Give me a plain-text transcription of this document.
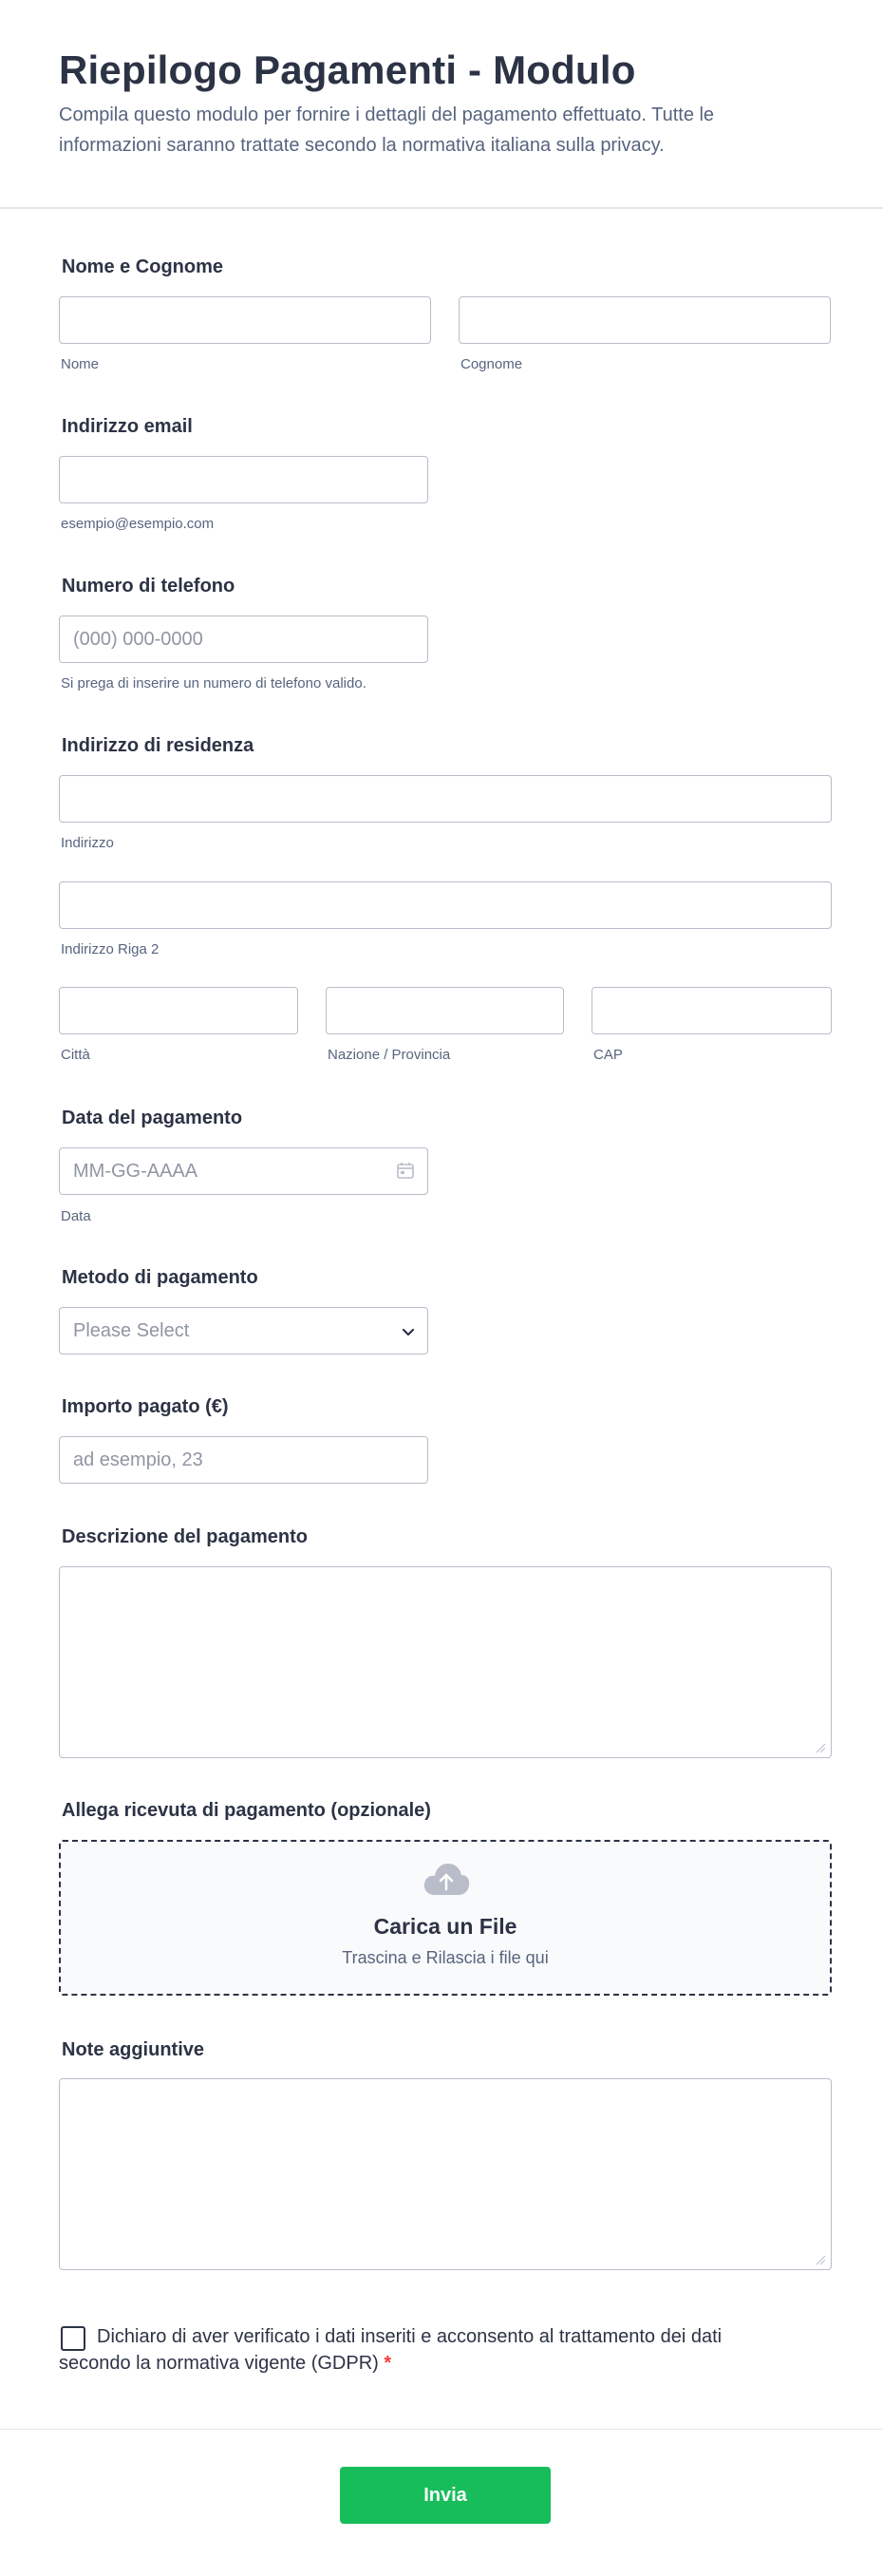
Riepilogo Pagamenti - Modulo

Compila questo modulo per fornire i dettagli del pagamento effettuato. Tutte le informazioni saranno trattate secondo la normativa italiana sulla privacy.

Nome e Cognome
Nome	Cognome
Indirizzo email
esempio@esempio.com
Numero di telefono
(000) 000-0000
Si prega di inserire un numero di telefono valido.
Indirizzo di residenza
Indirizzo
Indirizzo Riga 2
Città	Nazione / Provincia	CAP
Data del pagamento
MM-GG-AAAA
Data
Metodo di pagamento
Please Select
Importo pagato (€)
ad esempio, 23
Descrizione del pagamento
Allega ricevuta di pagamento (opzionale)
Carica un File
Trascina e Rilascia i file qui
Note aggiuntive
Dichiaro di aver verificato i dati inseriti e acconsento al trattamento dei dati secondo la normativa vigente (GDPR) *
Invia
